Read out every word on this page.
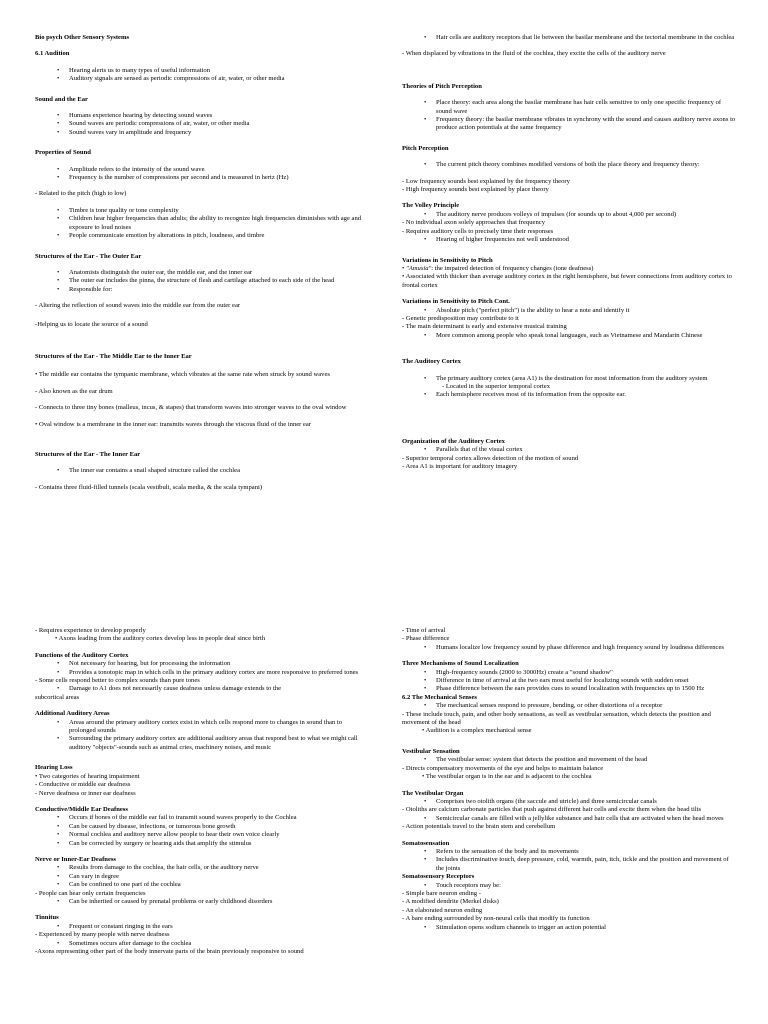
Bio psych Other Sensory Systems
6.1 Audition
• Hearing alerts us to many types of useful information
• Auditory signals are sensed as periodic compressions of air, water, or other media
Sound and the Ear
• Humans experience hearing by detecting sound waves
• Sound waves are periodic compressions of air, water, or other media
• Sound waves vary in amplitude and frequency
Properties of Sound
• Amplitude refers to the intensity of the sound wave
• Frequency is the number of compressions per second and is measured in hertz (Hz)
- Related to the pitch (high to low)
• Timbre is tone quality or tone complexity
• Children hear higher frequencies than adults; the ability to recognize high frequencies diminishes with age and exposure to loud noises
• People communicate emotion by alterations in pitch, loudness, and timbre
Structures of the Ear - The Outer Ear
• Anatomists distinguish the outer ear, the middle ear, and the inner ear
• The outer ear includes the pinna, the structure of flesh and cartilage attached to each side of the head
• Responsible for:
- Altering the reflection of sound waves into the middle ear from the outer ear
-Helping us to locate the source of a sound
Structures of the Ear - The Middle Ear to the Inner Ear
• The middle ear contains the tympanic membrane, which vibrates at the same rate when struck by sound waves
- Also known as the ear drum
- Connects to three tiny bones (malleus, incus, & stapes) that transform waves into stronger waves to the oval window
• Oval window is a membrane in the inner ear: transmits waves through the viscous fluid of the inner ear
Structures of the Ear - The Inner Ear
• The inner ear contains a snail shaped structure called the cochlea
- Contains three fluid-filled tunnels (scala vestibuli, scala media, & the scala tympani)
• Hair cells are auditory receptors that lie between the basilar membrane and the tectorial membrane in the cochlea
- When displaced by vibrations in the fluid of the cochlea, they excite the cells of the auditory nerve
Theories of Pitch Perception
• Place theory: each area along the basilar membrane has hair cells sensitive to only one specific frequency of sound wave
• Frequency theory: the basilar membrane vibrates in synchrony with the sound and causes auditory nerve axons to produce action potentials at the same frequency
Pitch Perception
• The current pitch theory combines modified versions of both the place theory and frequency theory:
- Low frequency sounds best explained by the frequency theory
- High frequency sounds best explained by place theory
The Volley Principle
• The auditory nerve produces volleys of impulses (for sounds up to about 4,000 per second)
- No individual axon solely approaches that frequency
- Requires auditory cells to precisely time their responses
• Hearing of higher frequencies not well understood
Variations in Sensitivity to Pitch
• "Amusia": the impaired detection of frequency changes (tone deafness)
• Associated with thicker than average auditory cortex in the right hemisphere, but fewer connections from auditory cortex to frontal cortex
Variations in Sensitivity to Pitch Cont.
• Absolute pitch ("perfect pitch") is the ability to hear a note and identify it
- Genetic predisposition may contribute to it
- The main determinant is early and extensive musical training
• More common among people who speak tonal languages, such as Vietnamese and Mandarin Chinese
The Auditory Cortex
• The primary auditory cortex (area A1) is the destination for most information from the auditory system
- Located in the superior temporal cortex
• Each hemisphere receives most of its information from the opposite ear.
Organization of the Auditory Cortex
• Parallels that of the visual cortex
- Superior temporal cortex allows detection of the motion of sound
- Area A1 is important for auditory imagery
- Requires experience to develop properly
• Axons leading from the auditory cortex develop less in people deaf since birth
Functions of the Auditory Cortex
• Not necessary for hearing, but for processing the information
• Provides a tonotopic map in which cells in the primary auditory cortex are more responsive to preferred tones
- Some cells respond better to complex sounds than pure tones
• Damage to A1 does not necessarily cause deafness unless damage extends to the
subcortical areas
Additional Auditory Areas
• Areas around the primary auditory cortex exist in which cells respond more to changes in sound than to prolonged sounds
• Surrounding the primary auditory cortex are additional auditory areas that respond best to what we might call auditory "objects"-sounds such as animal cries, machinery noises, and music
Hearing Loss
• Two categories of hearing impairment
- Conductive or middle ear deafness
- Nerve deafness or inner ear deafness
Conductive/Middle Ear Deafness
• Occurs if bones of the middle ear fail to transmit sound waves properly to the Cochlea
• Can be caused by disease, infections, or tumorous bone growth
• Normal cochlea and auditory nerve allow people to hear their own voice clearly
• Can be corrected by surgery or hearing aids that amplify the stimulus
Nerve or Inner-Ear Deafness
• Results from damage to the cochlea, the hair cells, or the auditory nerve
• Can vary in degree
• Can be confined to one part of the cochlea
- People can hear only certain frequencies
• Can be inherited or caused by prenatal problems or early childhood disorders
Tinnitus
• Frequent or constant ringing in the ears
- Experienced by many people with nerve deafness
• Sometimes occurs after damage to the cochlea
-Axons representing other part of the body innervate parts of the brain previously responsive to sound
- Time of arrival
- Phase difference
• Humans localize low frequency sound by phase difference and high frequency sound by loudness differences
Three Mechanisms of Sound Localization
• High-frequency sounds (2000 to 3000Hz) create a "sound shadow"
• Difference in time of arrival at the two ears most useful for localizing sounds with sudden onset
• Phase difference between the ears provides cues to sound localization with frequencies up to 1500 Hz
6.2 The Mechanical Senses
• The mechanical senses respond to pressure, bending, or other distortions of a receptor
- These include touch, pain, and other body sensations, as well as vestibular sensation, which detects the position and movement of the head
• Audition is a complex mechanical sense
Vestibular Sensation
• The vestibular sense: system that detects the position and movement of the head
- Directs compensatory movements of the eye and helps to maintain balance
• The vestibular organ is in the ear and is adjacent to the cochlea
The Vestibular Organ
• Comprises two otolith organs (the saccule and utricle) and three semicircular canals
- Otoliths are calcium carbonate particles that push against different hair cells and excite them when the head tilts
• Semicircular canals are filled with a jellylike substance and hair cells that are activated when the head moves
- Action potentials travel to the brain stem and cerebellum
Somatosensation
• Refers to the sensation of the body and its movements
• Includes discriminative touch, deep pressure, cold, warmth, pain, itch, tickle and the position and movement of the joints
Somatosensory Receptors
• Touch receptors may be:
- Simple bare neuron ending -
- A modified dendrite (Merkel disks)
- An elaborated neuron ending
- A bare ending surrounded by non-neural cells that modify its function
• Stimulation opens sodium channels to trigger an action potential
